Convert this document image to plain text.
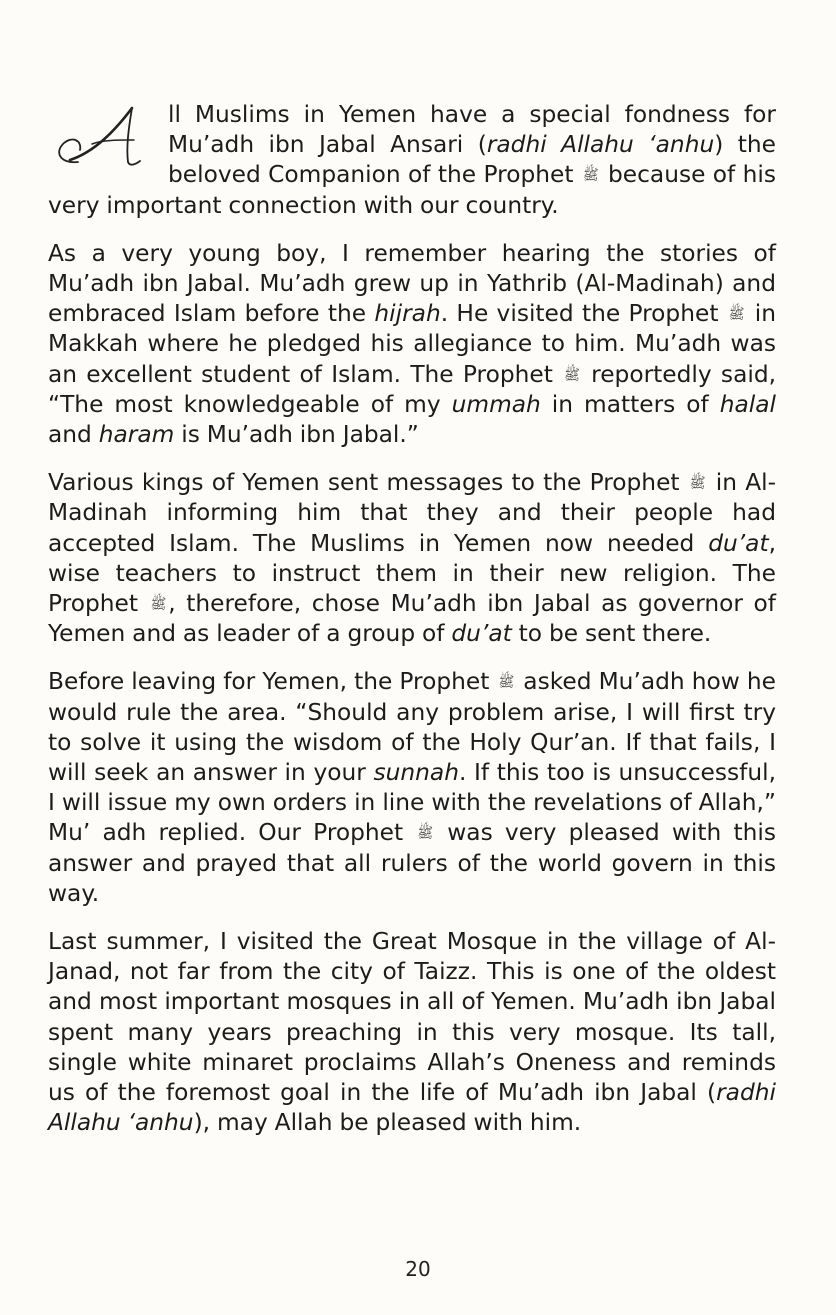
ll Muslims in Yemen have a special fondness for Mu’adh ibn Jabal Ansari (radhi Allahu ‘anhu) the beloved Companion of the Prophet ﷺ because of his very important connection with our country.

As a very young boy, I remember hearing the stories of Mu’adh ibn Jabal. Mu’adh grew up in Yathrib (Al-Madinah) and embraced Islam before the hijrah. He visited the Prophet ﷺ in Makkah where he pledged his allegiance to him. Mu’adh was an excellent student of Islam. The Prophet ﷺ reportedly said, “The most knowledgeable of my ummah in matters of halal and haram is Mu’adh ibn Jabal.”

Various kings of Yemen sent messages to the Prophet ﷺ in Al-Madinah informing him that they and their people had accepted Islam. The Muslims in Yemen now needed du’at, wise teachers to instruct them in their new religion. The Prophet ﷺ, therefore, chose Mu’adh ibn Jabal as governor of Yemen and as leader of a group of du’at to be sent there.

Before leaving for Yemen, the Prophet ﷺ asked Mu’adh how he would rule the area. “Should any problem arise, I will first try to solve it using the wisdom of the Holy Qur’an. If that fails, I will seek an answer in your sunnah. If this too is unsuccessful, I will issue my own orders in line with the revelations of Allah,” Mu’ adh replied. Our Prophet ﷺ was very pleased with this answer and prayed that all rulers of the world govern in this way.

Last summer, I visited the Great Mosque in the village of Al-Janad, not far from the city of Taizz. This is one of the oldest and most important mosques in all of Yemen. Mu’adh ibn Jabal spent many years preaching in this very mosque. Its tall, single white minaret proclaims Allah’s Oneness and reminds us of the foremost goal in the life of Mu’adh ibn Jabal (radhi Allahu ‘anhu), may Allah be pleased with him.

20
